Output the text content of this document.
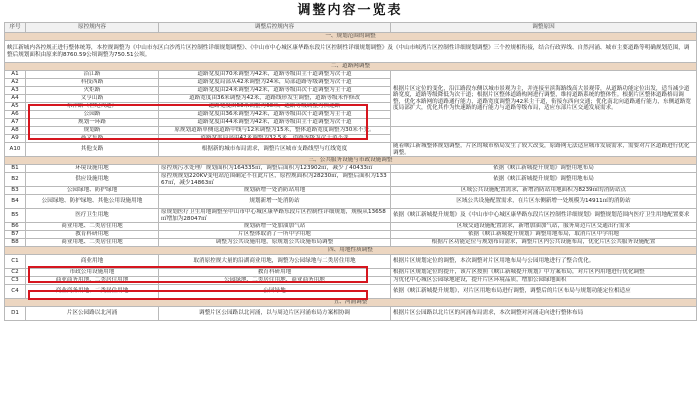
调整内容一览表
序号	原控规内容	调整后控规内容	调整原因
一、规划范围的调整			
峡江新城内各控规正进行整体统筹，本控规调整为《中山市东区白沙湾片区控制性详细规划调整》、《中山市中心城区康华路东段片区控制性详细规划调整》及《中山市岐湾片区控制性详细规划调整》三个控规相衔接，结合行政界线、自然河涌、城市主要道路等明确规划范围，调整后规划面积由原来的8760.59公顷调整为750.51公顷。			
二、道路网调整			
A1	沿江路	道路宽度由70米调整为42米，道路等级由主干道调整为次干道	根据片区定位的变化，沿江路段东侧以城市景观为主，并连接至滨海路线高大景观带，从道路功能定位出发，适当减少道路宽度，道路等级降低为次干道；根据片区整体道路构网进行调整，维持道路系统的整体性。根据片区整体道路格局调整，优化本路网的道路通行能力，道路宽度调整为42米主干道，衔接东西向交通；优化南北向道路通行能力，东侧道路宽度局部扩大，优化其作为快速路的通行能力与道路等级布局，适应东部片区交通发展需求。
A2	科技西路	道路宽度局部从42米调整为24米，局部道路等级调整为次干道	
A3	火炬路	道路宽度由24米调整为42米，道路等级由次干道调整为主干道	
A4	文亨山路	道路宽度由36米调整为42米，道路线形发生调整，道路等级未作修改	
A5	东洋路（世纪大道）	道路宽度由50米调整为60米，道路等级调整为快速路	
A6	公园路	道路宽度由36米调整为42米，道路等级由次干道调整为主干道	
A7	规划一环路	道路宽度由44米调整为42米，道路等级由主干道调整为次干道	
A8	规划路	原规划道路单侧退道路中线与12米调整为15米，整体道路宽度调整为30米不变。	
A9	孙文东路	道路宽度局部由42米调整为32.5米，道路等级为次干道不变	
A10	其他支路	根据新的城市布局需求，调整片区城市支路线型与红线宽度	随着峡江新城整体规划调整，片区的城市格局发生了较大改变，原路网无法适应城市发展需求，需要对片区道路进行优化调整。
三、公共服务设施与市政设施调整			
B1	环境设施用地	原控规污水处理厂规划面积为164335㎡，调整后面积为123902㎡，减少了40433㎡	依据《峡江新城提升规划》调整用地布局
B2	供应设施用地	原控规规划220KV变电站范围确定不在此片区，原控规面积为28230㎡，调整后面积为13367㎡，减少14863㎡	依据《峡江新城提升规划》调整用地布局
B3	公园绿地、防护绿地	规划新增一处消防站用地	区域公共设施配置需求，新增消防站用地面积为8239㎡的消防站点
B4	公园绿地、防护绿地、其他公用设施用地	规划新增一处消防站	区域公共设施配置需求，在片区东侧新增一处规模为14911㎡的消防站
B5	医疗卫生用地	原规划医疗卫生用地调整至中山市中心城区康华路东段片区控制性详细规划，规模从13658㎡增加为28047㎡	依据《峡江新城提升规划》及《中山市中心城区康华路东段片区控制性详细规划》调整规划范围内医疗卫生用地配置要求
B6	商业用地、二类居住用地	规划新增一处加油加气站	区域交通设施配置需求，新增加油加气站，服务周边片区交通出行需求
B7	教育科研用地	片区整体取消了一所中学用地	依据《峡江新城提升规划》调整用地布局，取消片区中学用地
B8	商业用地、二类居住用地	调整为公共设施用地，原规划公共设施布局调整	根据片区功能定位与规划布局需求，调整片区内公共设施布局，优化片区公共服务设施配置
四、用地性质调整			
C1	商业用地	取消原控规大量的沿湖商业用地，调整为公园绿地与二类居住用地	根据片区规划定位的调整，本次调整对片区用地布局与公园用地进行了整合优化。
C2	市政公用设施用地	教育科研用地	根据片区规划定位的提升，该片区按照《峡江新城提升规划》中方案布局，对片区内用地进行优化调整
C3	商业商务用地、二类居住用地	公园绿地、二类居住用地、商业商务用地	为优化中心城区公园绿地建设，提升片区环境品质，增加公园绿地面积
C4	商业商务用地、二类居住用地	公园绿地	依据《峡江新城提升规划》，对片区用地布局进行调整，调整后的片区布局与规划功能定位相适应
五、河涌调整			
D1	片区公园路以北河涌	调整片区公园路以北河涌，以与周边片区河涌布局方案相协调	根据片区公园路以北片区的河涌布局需求，本次调整对河涌走向进行整体布局
